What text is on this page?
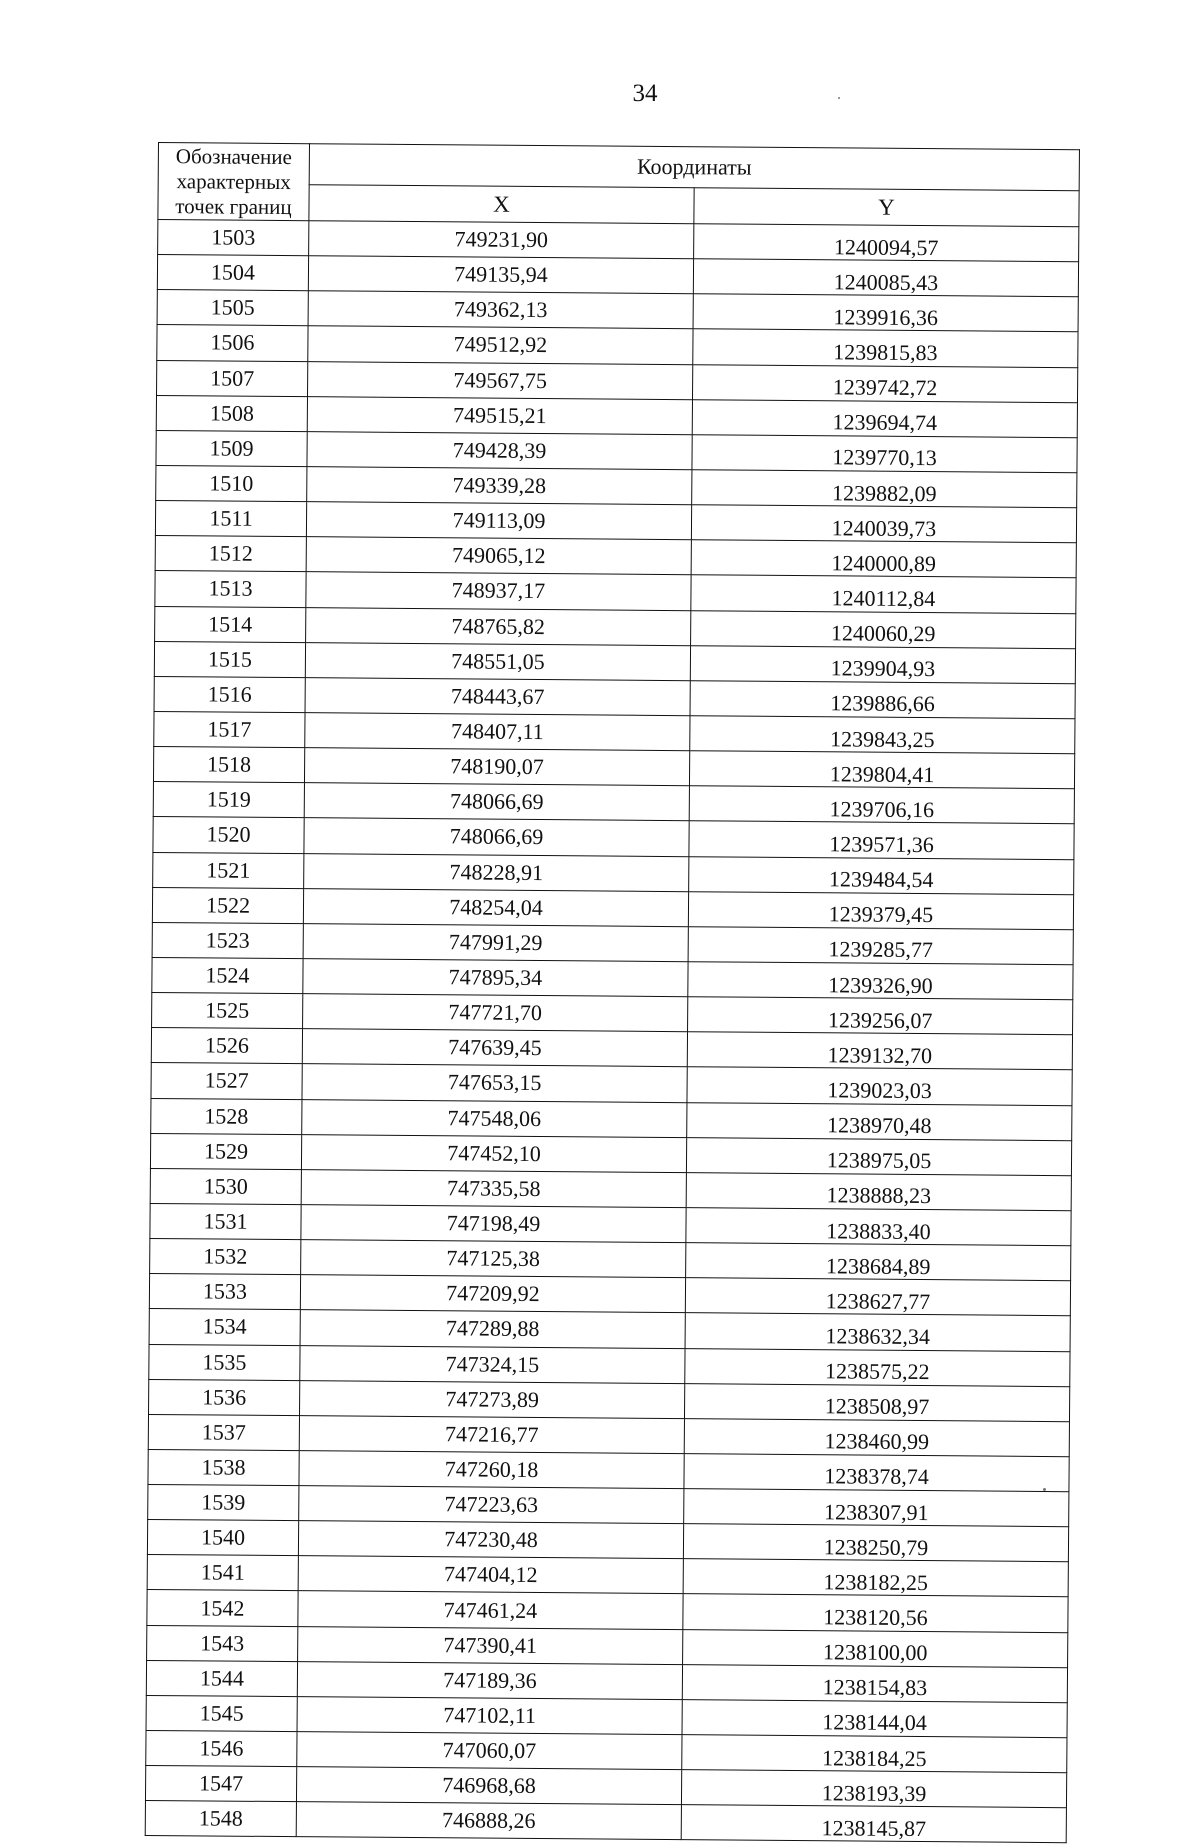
34
Обозначение характерных точек границ	Координаты	
	X	Y
1503	749231,90	1240094,57
1504	749135,94	1240085,43
1505	749362,13	1239916,36
1506	749512,92	1239815,83
1507	749567,75	1239742,72
1508	749515,21	1239694,74
1509	749428,39	1239770,13
1510	749339,28	1239882,09
1511	749113,09	1240039,73
1512	749065,12	1240000,89
1513	748937,17	1240112,84
1514	748765,82	1240060,29
1515	748551,05	1239904,93
1516	748443,67	1239886,66
1517	748407,11	1239843,25
1518	748190,07	1239804,41
1519	748066,69	1239706,16
1520	748066,69	1239571,36
1521	748228,91	1239484,54
1522	748254,04	1239379,45
1523	747991,29	1239285,77
1524	747895,34	1239326,90
1525	747721,70	1239256,07
1526	747639,45	1239132,70
1527	747653,15	1239023,03
1528	747548,06	1238970,48
1529	747452,10	1238975,05
1530	747335,58	1238888,23
1531	747198,49	1238833,40
1532	747125,38	1238684,89
1533	747209,92	1238627,77
1534	747289,88	1238632,34
1535	747324,15	1238575,22
1536	747273,89	1238508,97
1537	747216,77	1238460,99
1538	747260,18	1238378,74
1539	747223,63	1238307,91
1540	747230,48	1238250,79
1541	747404,12	1238182,25
1542	747461,24	1238120,56
1543	747390,41	1238100,00
1544	747189,36	1238154,83
1545	747102,11	1238144,04
1546	747060,07	1238184,25
1547	746968,68	1238193,39
1548	746888,26	1238145,87
